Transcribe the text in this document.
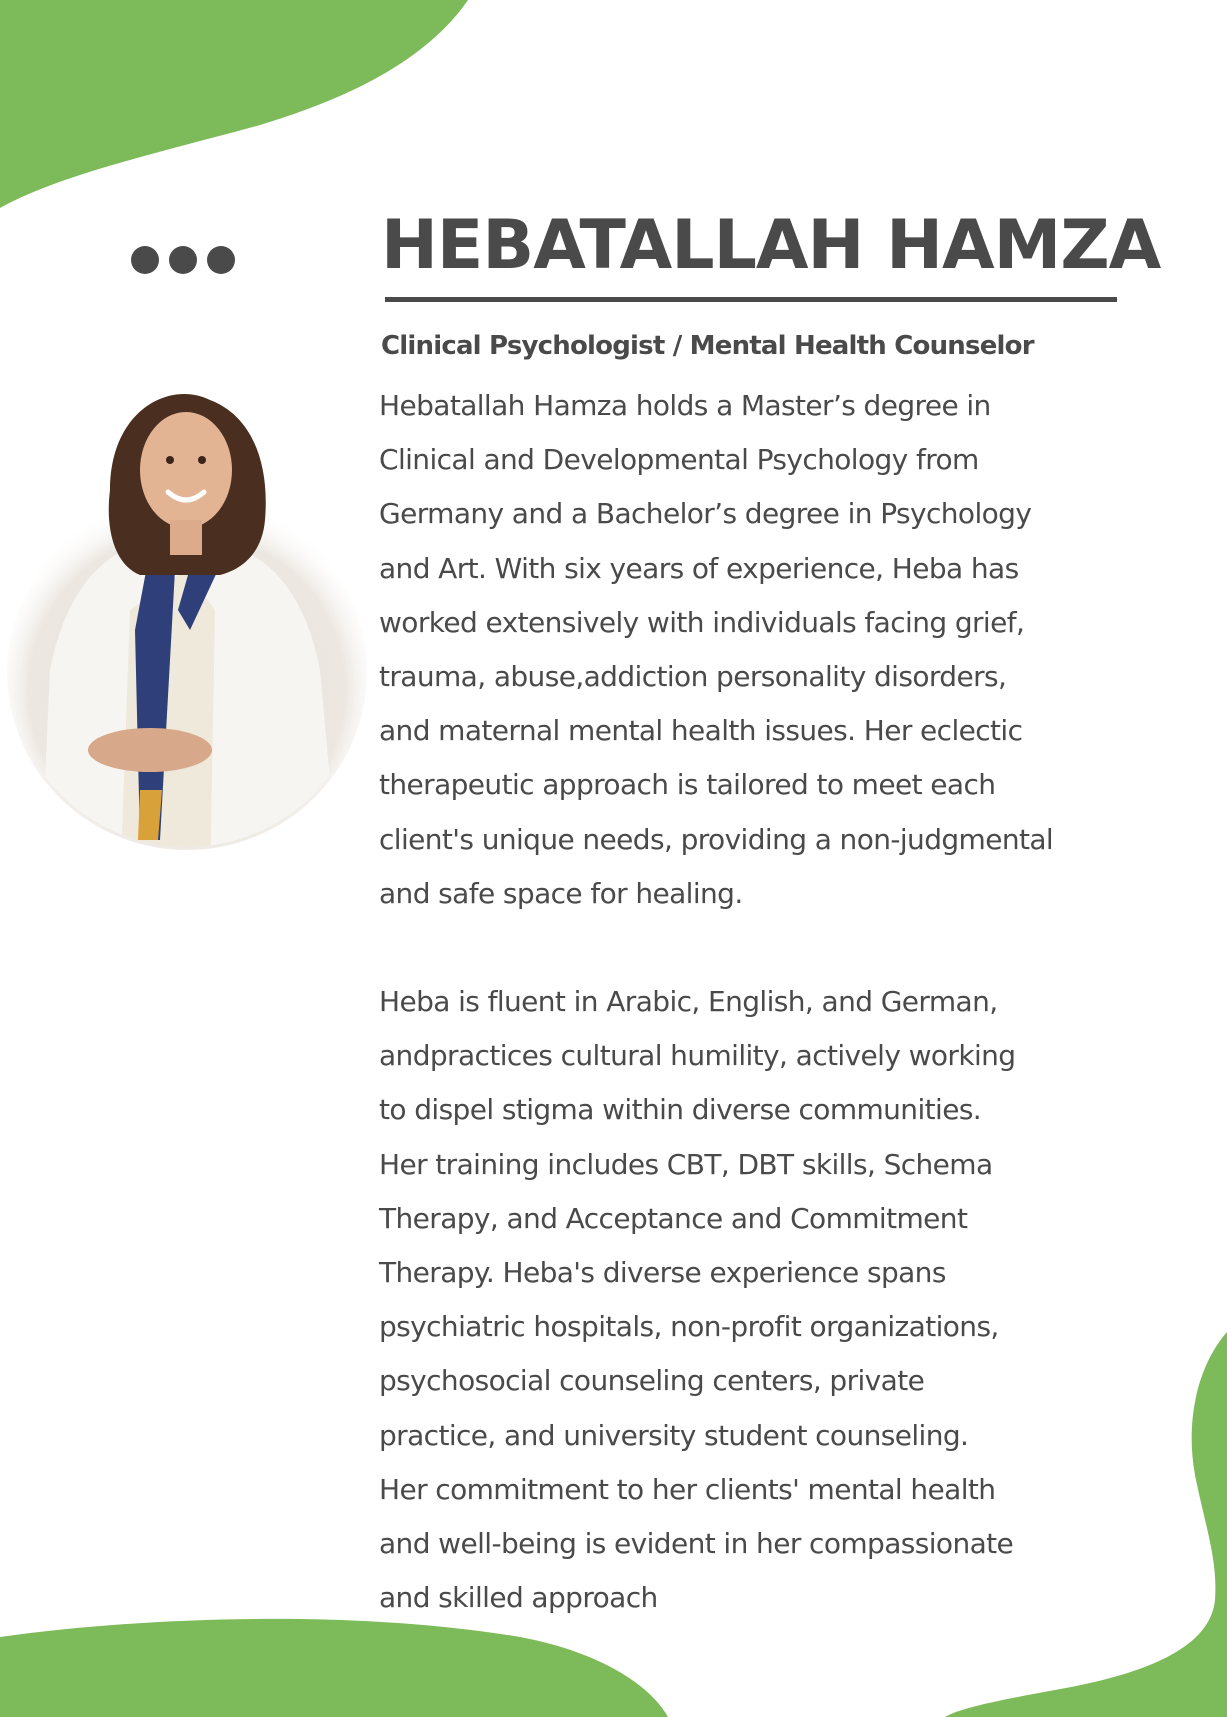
HEBATALLAH HAMZA
Clinical Psychologist / Mental Health Counselor
Hebatallah Hamza holds a Master’s degree in
Clinical and Developmental Psychology from
Germany and a Bachelor’s degree in Psychology
and Art. With six years of experience, Heba has
worked extensively with individuals facing grief,
trauma, abuse,addiction personality disorders,
and maternal mental health issues. Her eclectic
therapeutic approach is tailored to meet each
client's unique needs, providing a non-judgmental
and safe space for healing.
Heba is fluent in Arabic, English, and German,
andpractices cultural humility, actively working
to dispel stigma within diverse communities.
Her training includes CBT, DBT skills, Schema
Therapy, and Acceptance and Commitment
Therapy. Heba's diverse experience spans
psychiatric hospitals, non-profit organizations,
psychosocial counseling centers, private
practice, and university student counseling.
Her commitment to her clients' mental health
and well-being is evident in her compassionate
and skilled approach
